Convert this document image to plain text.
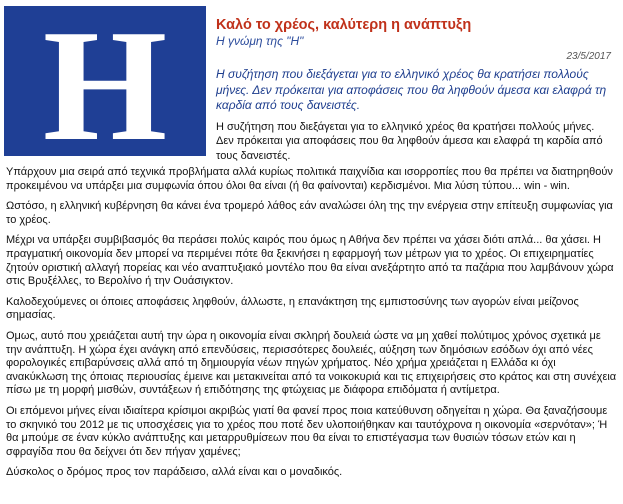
H	Καλό το χρέος, καλύτερη η ανάπτυξη
Η γνώμη της "Η"
23/5/2017
Η συζήτηση που διεξάγεται για το ελληνικό χρέος θα κρατήσει πολλούς μήνες. Δεν πρόκειται για αποφάσεις που θα ληφθούν άμεσα και ελαφρά τη καρδία από τους δανειστές.
Η συζήτηση που διεξάγεται για το ελληνικό χρέος θα κρατήσει πολλούς μήνες. Δεν πρόκειται για αποφάσεις που θα ληφθούν άμεσα και ελαφρά τη καρδία από τους δανειστές.

Υπάρχουν μια σειρά από τεχνικά προβλήματα αλλά κυρίως πολιτικά παιχνίδια και ισορροπίες που θα πρέπει να διατηρηθούν προκειμένου να υπάρξει μια συμφωνία όπου όλοι θα είναι (ή θα φαίνονται) κερδισμένοι. Μια λύση τύπου... win - win.

Ωστόσο, η ελληνική κυβέρνηση θα κάνει ένα τρομερό λάθος εάν αναλώσει όλη της την ενέργεια στην επίτευξη συμφωνίας για το χρέος.

Μέχρι να υπάρξει συμβιβασμός θα περάσει πολύς καιρός που όμως η Αθήνα δεν πρέπει να χάσει διότι απλά... θα χάσει. Η πραγματική οικονομία δεν μπορεί να περιμένει πότε θα ξεκινήσει η εφαρμογή των μέτρων για το χρέος. Οι επιχειρηματίες ζητούν οριστική αλλαγή πορείας και νέο αναπτυξιακό μοντέλο που θα είναι ανεξάρτητο από τα παζάρια που λαμβάνουν χώρα στις Βρυξέλλες, το Βερολίνο ή την Ουάσιγκτον.

Καλοδεχούμενες οι όποιες αποφάσεις ληφθούν, άλλωστε, η επανάκτηση της εμπιστοσύνης των αγορών είναι μείζονος σημασίας.

Ομως, αυτό που χρειάζεται αυτή την ώρα η οικονομία είναι σκληρή δουλειά ώστε να μη χαθεί πολύτιμος χρόνος σχετικά με την ανάπτυξη. Η χώρα έχει ανάγκη από επενδύσεις, περισσότερες δουλειές, αύξηση των δημόσιων εσόδων όχι από νέες φορολογικές επιβαρύνσεις αλλά από τη δημιουργία νέων πηγών χρήματος. Νέο χρήμα χρειάζεται η Ελλάδα κι όχι ανακύκλωση της όποιας περιουσίας έμεινε και μετακινείται από τα νοικοκυριά και τις επιχειρήσεις στο κράτος και στη συνέχεια πίσω με τη μορφή μισθών, συντάξεων ή επιδότησης της φτώχειας με διάφορα επιδόματα ή αντίμετρα.

Οι επόμενοι μήνες είναι ιδιαίτερα κρίσιμοι ακριβώς γιατί θα φανεί προς ποια κατεύθυνση οδηγείται η χώρα. Θα ξαναζήσουμε το σκηνικό του 2012 με τις υποσχέσεις για το χρέος που ποτέ δεν υλοποιήθηκαν και ταυτόχρονα η οικονομία «σερνόταν»; Ή θα μπούμε σε έναν κύκλο ανάπτυξης και μεταρρυθμίσεων που θα είναι το επιστέγασμα των θυσιών τόσων ετών και η σφραγίδα που θα δείχνει ότι δεν πήγαν χαμένες;

Δύσκολος ο δρόμος προς τον παράδεισο, αλλά είναι και ο μοναδικός.
